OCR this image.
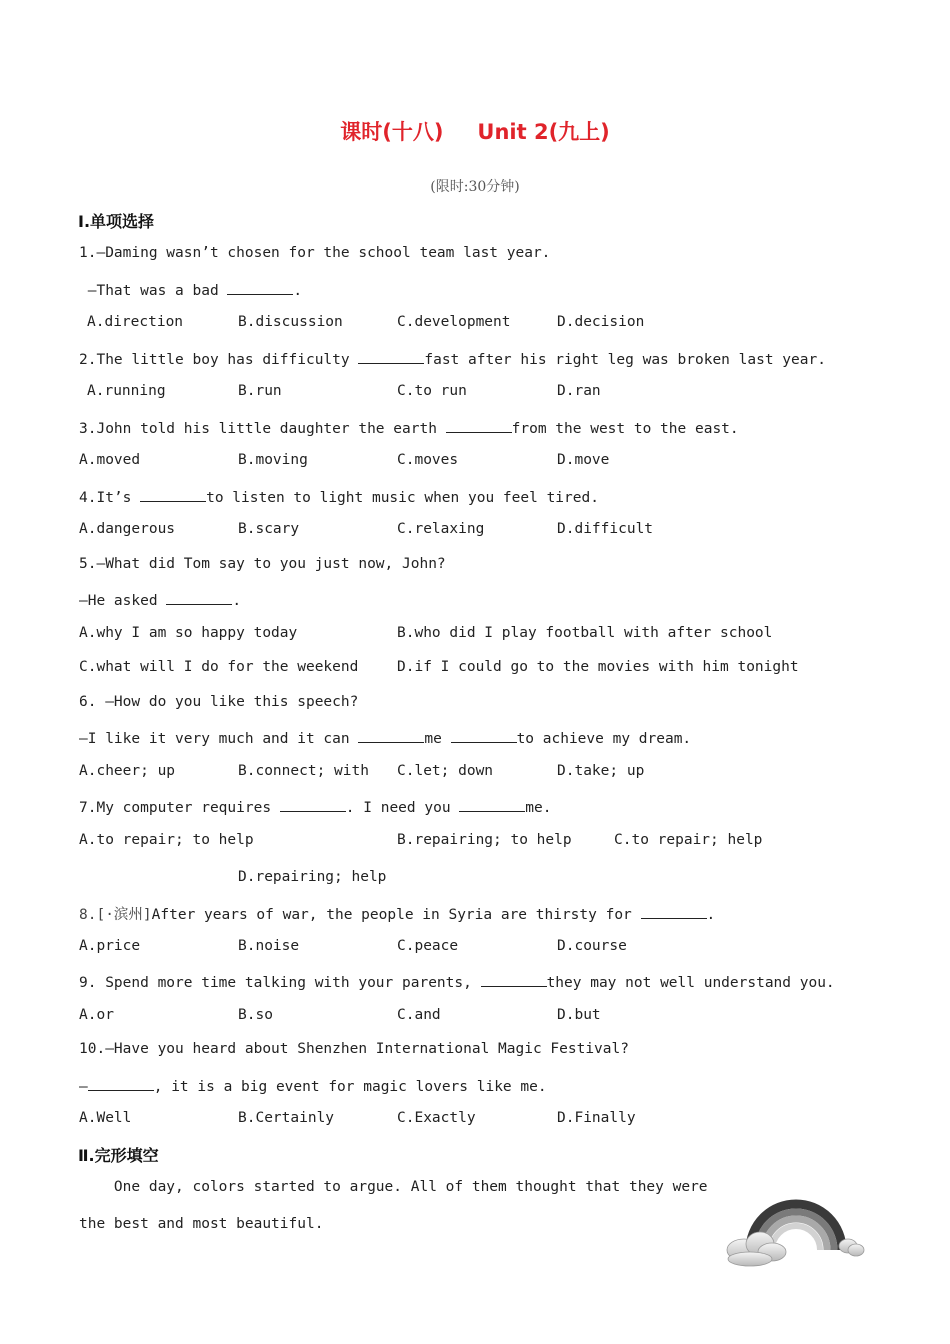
课时(十八) Unit 2(九上)
(限时:30分钟)
Ⅰ.单项选择
1.—Daming wasn’t chosen for the school team last year.
—That was a bad	.
A.direction	B.discussion	C.development	D.decision
2.The little boy has difficulty	fast after his right leg was broken last year.
A.running	B.run	C.to run	D.ran
3.John told his little daughter the earth	from the west to the east.
A.moved	B.moving	C.moves	D.move
4.It’s	to listen to light music when you feel tired.
A.dangerous	B.scary	C.relaxing	D.difficult
5.—What did Tom say to you just now, John?
—He asked	.
A.why I am so happy today	B.who did I play football with after school
C.what will I do for the weekend	D.if I could go to the movies with him tonight
6. —How do you like this speech?
—I like it very much and it can	me	to achieve my dream.
A.cheer; up	B.connect; with C.let; down	D.take; up
7.My computer requires	. I need you	me.
A.to repair; to help	B.repairing; to help	C.to repair; help
D.repairing; help
8.[·滨州]After years of war, the people in Syria are thirsty for	.
A.price	B.noise	C.peace	D.course
9. Spend more time talking with your parents,	they may not well understand you.
A.or	B.so	C.and	D.but
10.—Have you heard about Shenzhen International Magic Festival?
—	, it is a big event for magic lovers like me.
A.Well	B.Certainly	C.Exactly	D.Finally
Ⅱ.完形填空
One day, colors started to argue. All of them thought that they were
the best and most beautiful.
